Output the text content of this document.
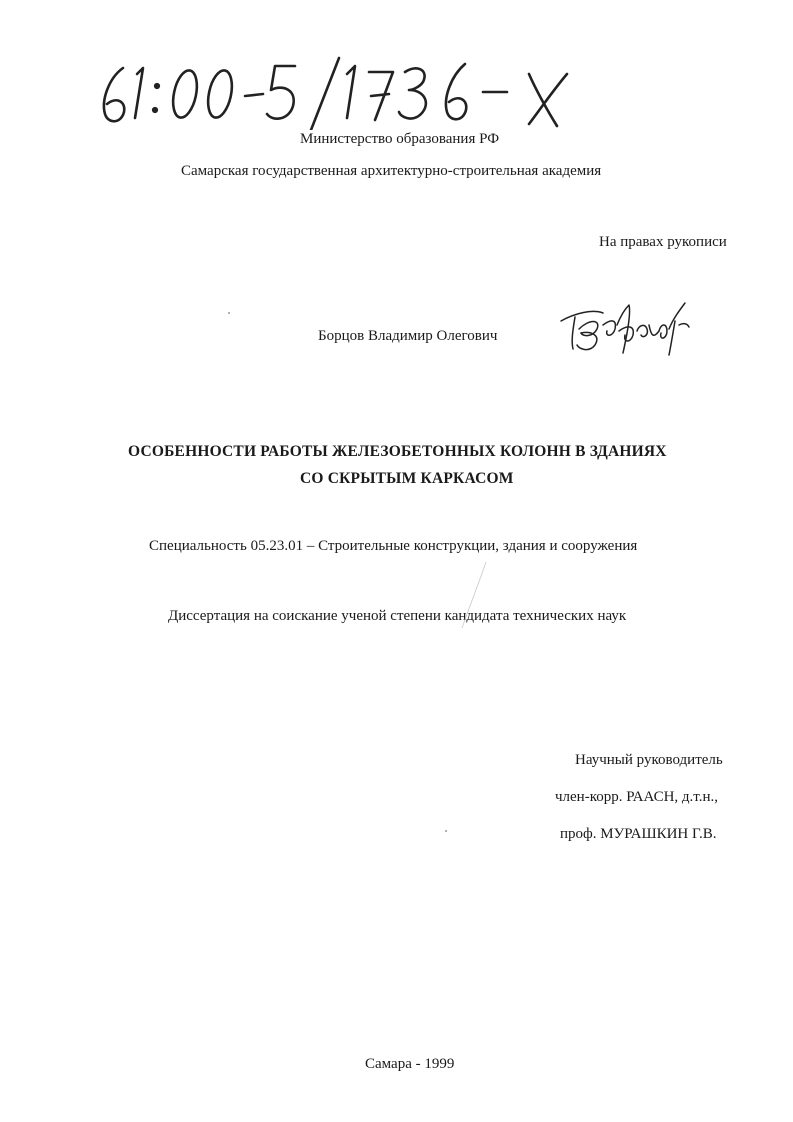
Министерство образования РФ
Самарская государственная архитектурно-строительная академия
На правах рукописи
Борцов Владимир Олегович
ОСОБЕННОСТИ РАБОТЫ ЖЕЛЕЗОБЕТОННЫХ КОЛОНН В ЗДАНИЯХ
СО СКРЫТЫМ КАРКАСОМ
Специальность 05.23.01 – Строительные конструкции, здания и сооружения
Диссертация на соискание ученой степени кандидата технических наук
Научный руководитель
член-корр. РААСН, д.т.н.,
проф. МУРАШКИН Г.В.
Самара - 1999
